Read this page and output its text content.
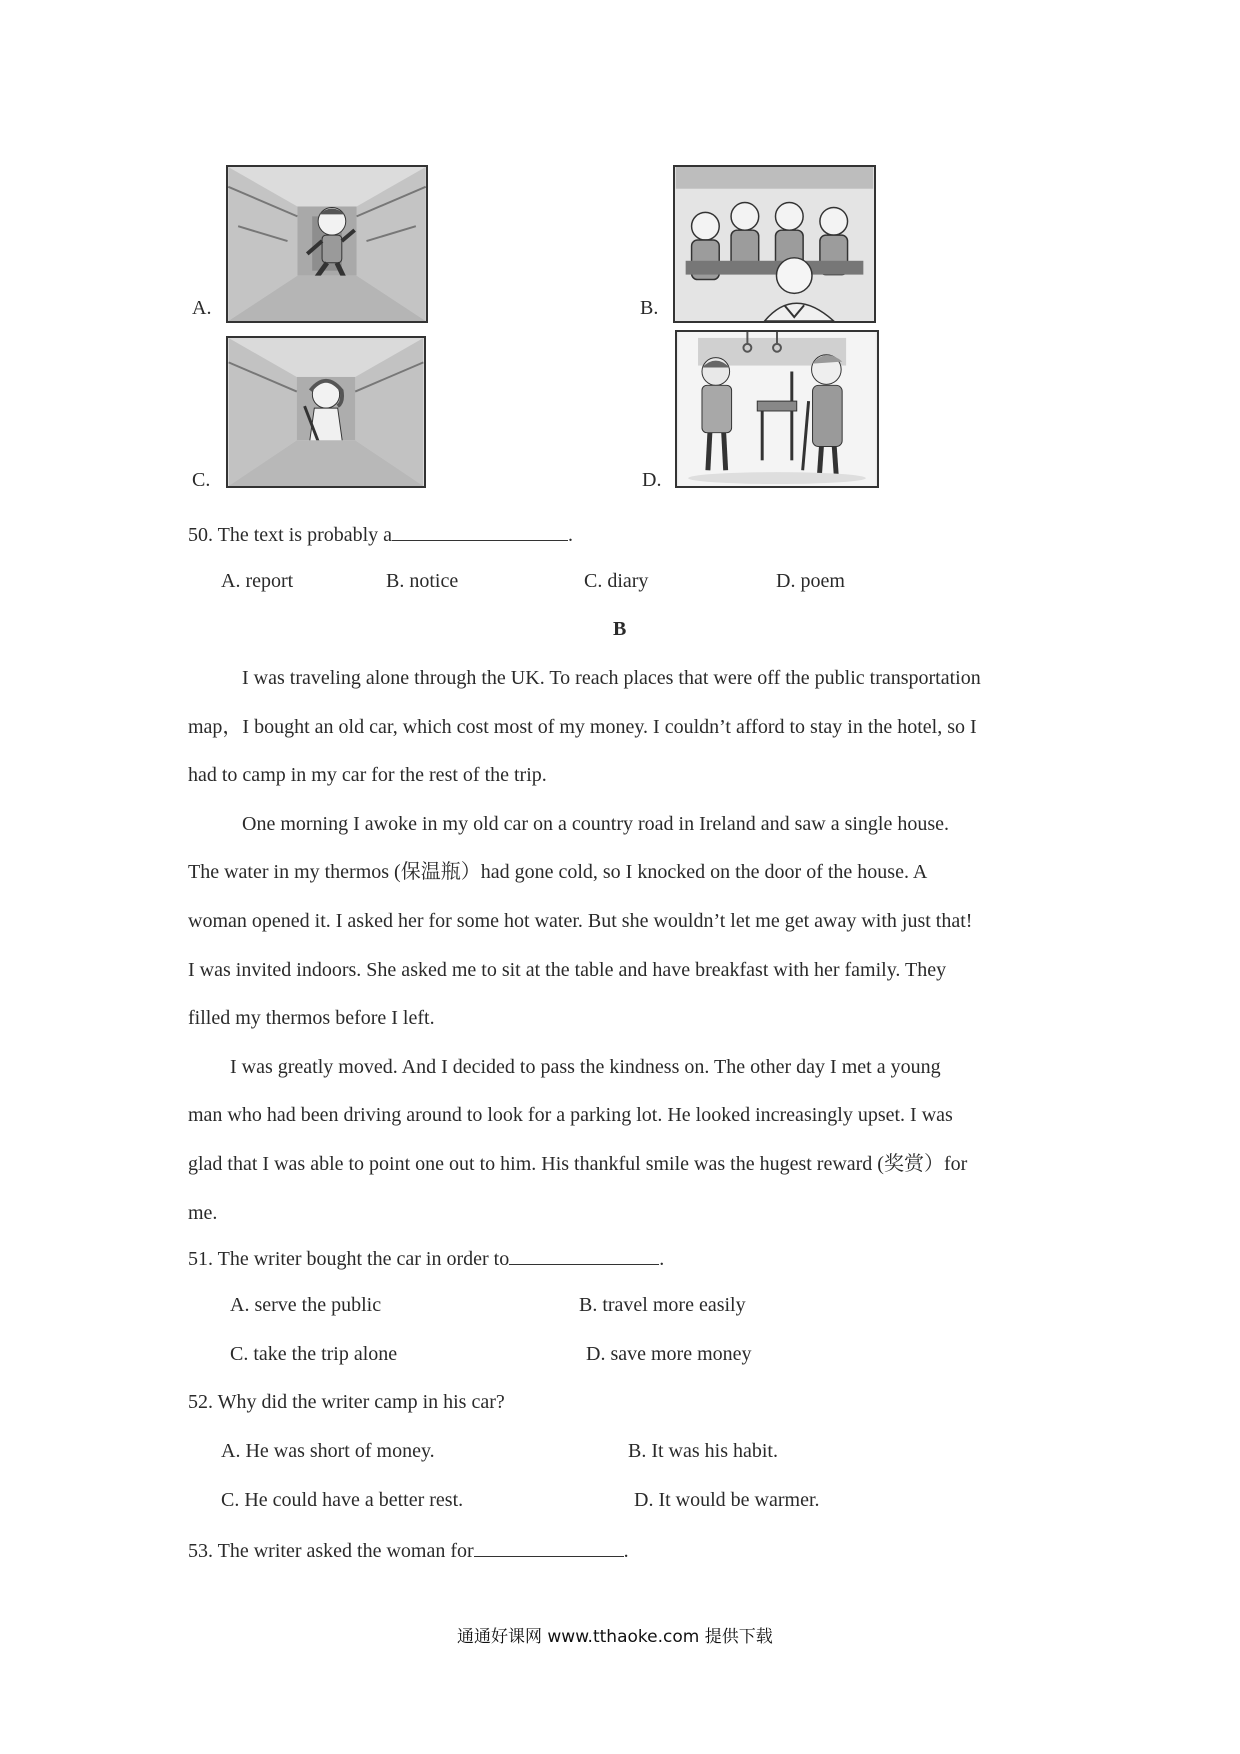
A.	B.
C.	D.
50. The text is probably a	.
A. report	B. notice	C. diary	D. poem
B

I was traveling alone through the UK. To reach places that were off the public transportation
map，I bought an old car, which cost most of my money. I couldn’t afford to stay in the hotel, so I
had to camp in my car for the rest of the trip.

One morning I awoke in my old car on a country road in Ireland and saw a single house.
The water in my thermos (保温瓶）had gone cold, so I knocked on the door of the house. A
woman opened it. I asked her for some hot water. But she wouldn’t let me get away with just that!
I was invited indoors. She asked me to sit at the table and have breakfast with her family. They
filled my thermos before I left.

I was greatly moved. And I decided to pass the kindness on. The other day I met a young
man who had been driving around to look for a parking lot. He looked increasingly upset. I was
glad that I was able to point one out to him. His thankful smile was the hugest reward (奖赏）for
me.

51. The writer bought the car in order to	.
A. serve the public	B. travel more easily
C. take the trip alone	D. save more money
52. Why did the writer camp in his car?
A. He was short of money.	B. It was his habit.
C. He could have a better rest.	D. It would be warmer.
53. The writer asked the woman for	.
通通好课网 www.tthaoke.com 提供下载
